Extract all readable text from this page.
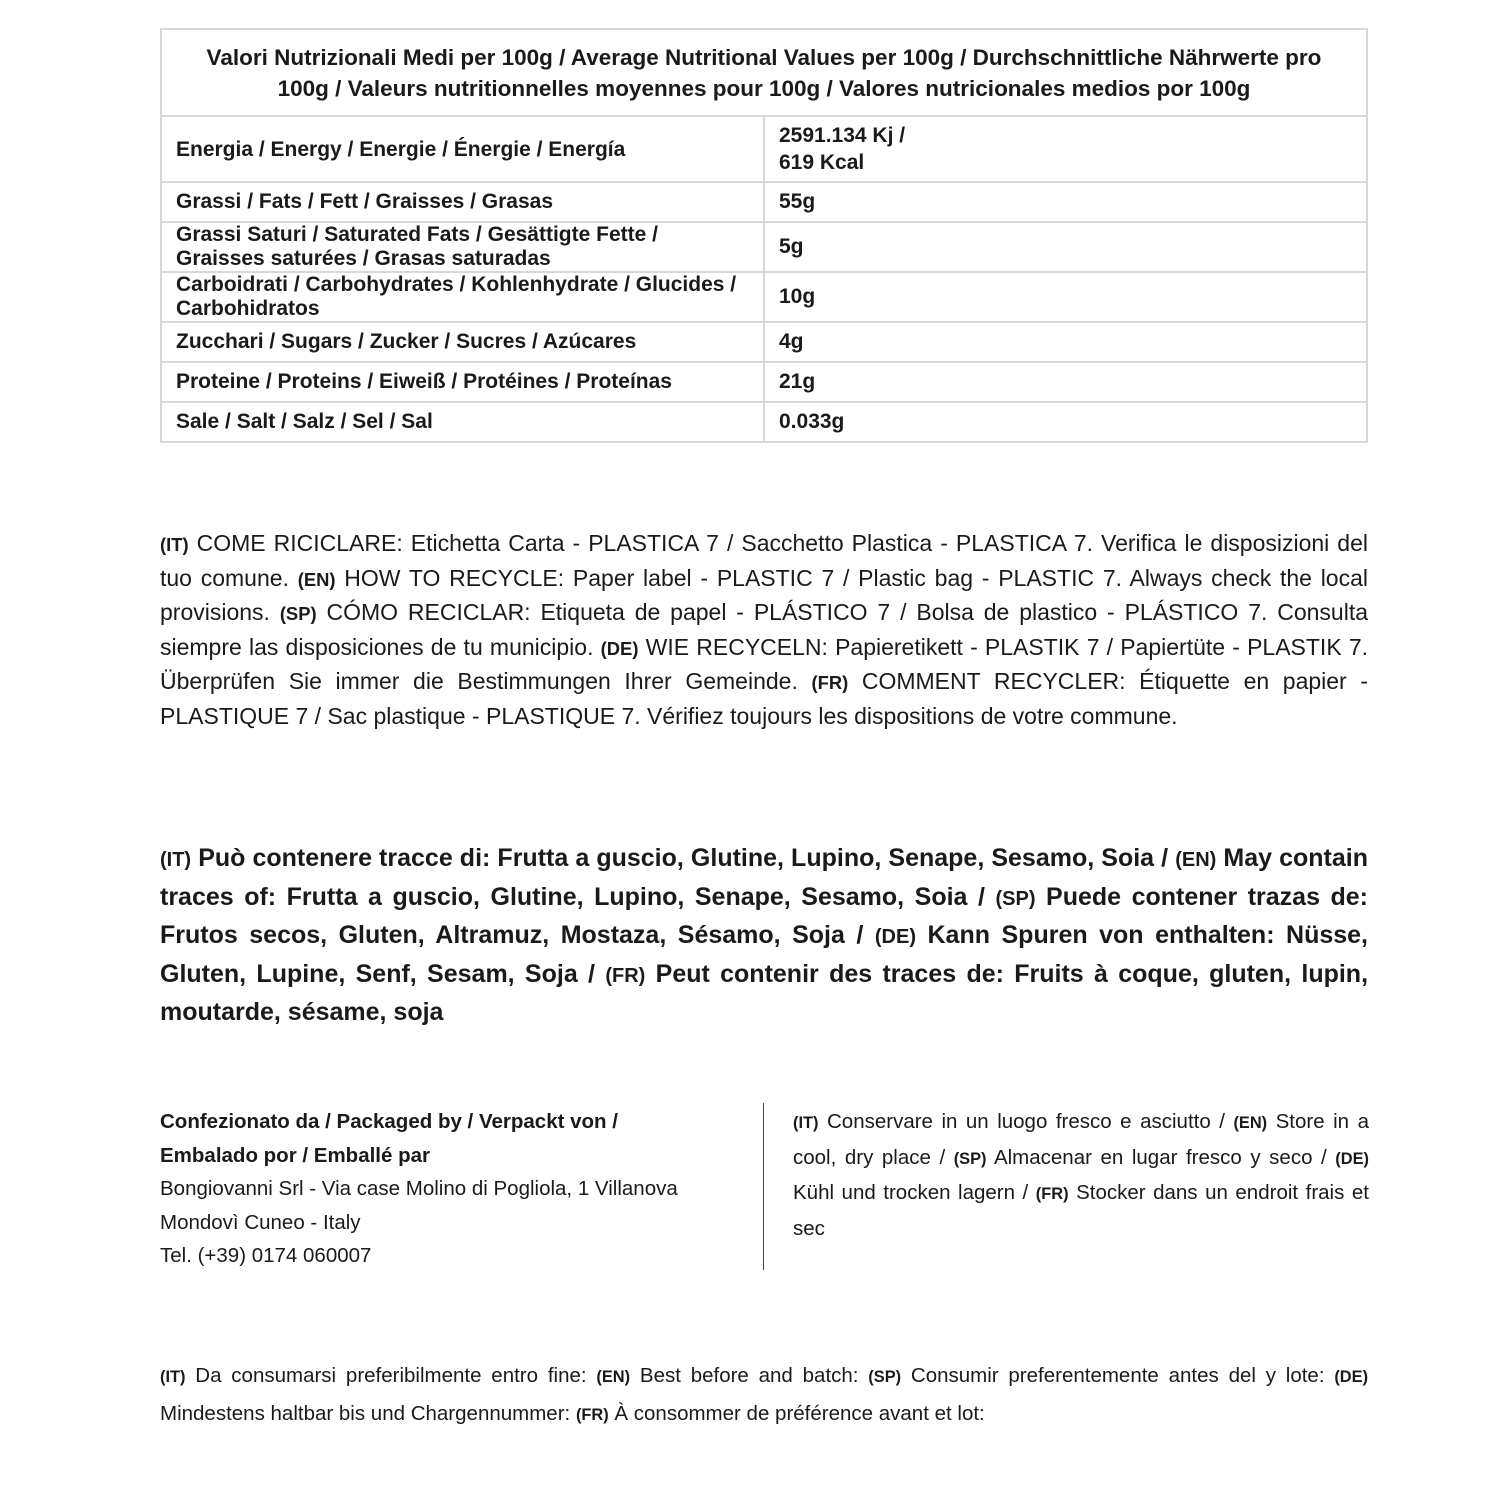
Valori Nutrizionali Medi per 100g / Average Nutritional Values per 100g / Durchschnittliche Nährwerte pro 100g / Valeurs nutritionnelles moyennes pour 100g / Valores nutricionales medios por 100g	
Energia / Energy / Energie / Énergie / Energía	2591.134 Kj /
619 Kcal
Grassi / Fats / Fett / Graisses / Grasas	55g
Grassi Saturi / Saturated Fats / Gesättigte Fette / Graisses saturées / Grasas saturadas	5g
Carboidrati / Carbohydrates / Kohlenhydrate / Glucides / Carbohidratos	10g
Zucchari / Sugars / Zucker / Sucres / Azúcares	4g
Proteine / Proteins / Eiweiß / Protéines / Proteínas	21g
Sale / Salt / Salz / Sel / Sal	0.033g

(IT) COME RICICLARE: Etichetta Carta - PLASTICA 7 / Sacchetto Plastica - PLASTICA 7. Verifica le disposizioni del tuo comune. (EN) HOW TO RECYCLE: Paper label - PLASTIC 7 / Plastic bag - PLASTIC 7. Always check the local provisions. (SP) CÓMO RECICLAR: Etiqueta de papel - PLÁSTICO 7 / Bolsa de plastico - PLÁSTICO 7. Consulta siempre las disposiciones de tu municipio. (DE) WIE RECYCELN: Papieretikett - PLASTIK 7 / Papiertüte - PLASTIK 7. Überprüfen Sie immer die Bestimmungen Ihrer Gemeinde. (FR) COMMENT RECYCLER: Étiquette en papier - PLASTIQUE 7 / Sac plastique - PLASTIQUE 7. Vérifiez toujours les dispositions de votre commune.

(IT) Può contenere tracce di: Frutta a guscio, Glutine, Lupino, Senape, Sesamo, Soia / (EN) May contain traces of: Frutta a guscio, Glutine, Lupino, Senape, Sesamo, Soia / (SP) Puede contener trazas de: Frutos secos, Gluten, Altramuz, Mostaza, Sésamo, Soja / (DE) Kann Spuren von enthalten: Nüsse, Gluten, Lupine, Senf, Sesam, Soja / (FR) Peut contenir des traces de: Fruits à coque, gluten, lupin, moutarde, sésame, soja

Confezionato da / Packaged by / Verpackt von /
Embalado por / Emballé par
Bongiovanni Srl - Via case Molino di Pogliola, 1 Villanova
Mondovì Cuneo - Italy
Tel. (+39) 0174 060007

(IT) Conservare in un luogo fresco e asciutto / (EN) Store in a cool, dry place / (SP) Almacenar en lugar fresco y seco / (DE) Kühl und trocken lagern / (FR) Stocker dans un endroit frais et sec

(IT) Da consumarsi preferibilmente entro fine: (EN) Best before and batch: (SP) Consumir preferentemente antes del y lote: (DE) Mindestens haltbar bis und Chargennummer: (FR) À consommer de préférence avant et lot:
